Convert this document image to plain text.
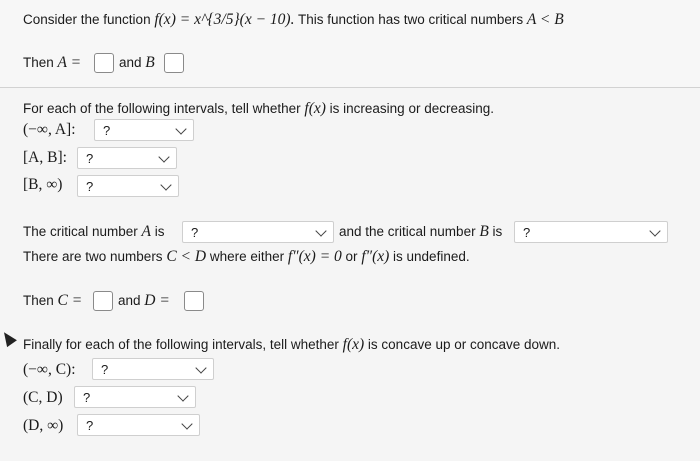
Consider the function f(x) = x^{3/5}(x − 10). This function has two critical numbers A < B
Then A =	and B
For each of the following intervals, tell whether f(x) is increasing or decreasing.
(−∞, A]: ?
[A, B]: ?
[B, ∞) ?
The critical number A is ?	and the critical number B is ?
There are two numbers C < D where either f″(x) = 0 or f″(x) is undefined.
Then C =	and D =
Finally for each of the following intervals, tell whether f(x) is concave up or concave down.
(−∞, C): ?
(C, D) ?
(D, ∞) ?
